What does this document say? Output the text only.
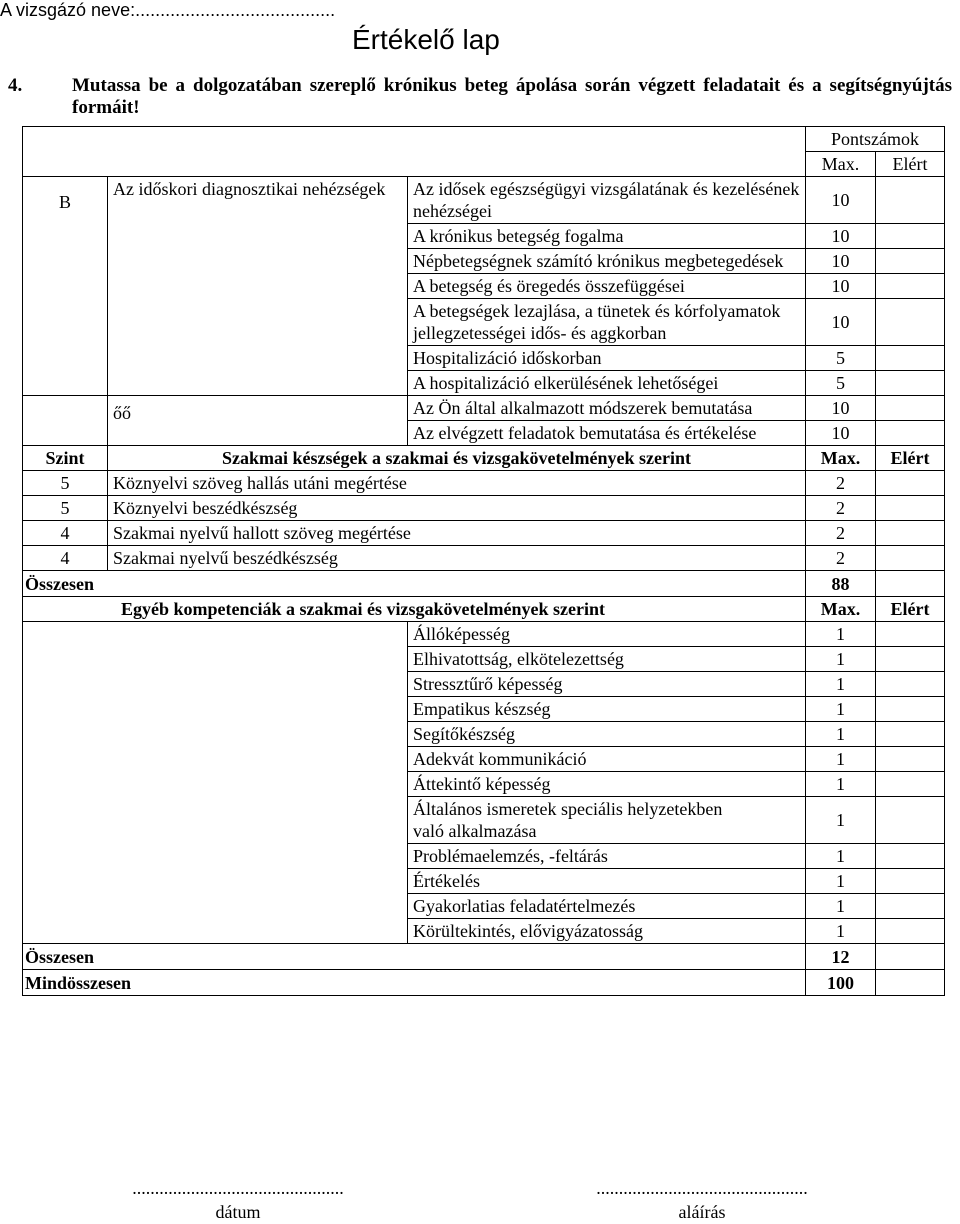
A vizsgázó neve:........................................
Értékelő lap
4.	Mutassa be a dolgozatában szereplő krónikus beteg ápolása során végzett feladatait és a segítségnyújtás formáit!
			Pontszámok	
			Max.	Elért
B	Az időskori diagnosztikai nehézségek	Az idősek egészségügyi vizsgálatának és kezelésének nehézségei	10	
		A krónikus betegség fogalma	10	
		Népbetegségnek számító krónikus megbetegedések	10	
		A betegség és öregedés összefüggései	10	
		A betegségek lezajlása, a tünetek és kórfolyamatok jellegzetességei idős- és aggkorban	10	
		Hospitalizáció időskorban	5	
		A hospitalizáció elkerülésének lehetőségei	5	
	őő	Az Ön által alkalmazott módszerek bemutatása	10	
		Az elvégzett feladatok bemutatása és értékelése	10	
Szint	Szakmai készségek a szakmai és vizsgakövetelmények szerint		Max.	Elért
5	Köznyelvi szöveg hallás utáni megértése		2	
5	Köznyelvi beszédkészség		2	
4	Szakmai nyelvű hallott szöveg megértése		2	
4	Szakmai nyelvű beszédkészség		2	
Összesen			88	
Egyéb kompetenciák a szakmai és vizsgakövetelmények szerint			Max.	Elért
		Állóképesség	1	
		Elhivatottság, elkötelezettség	1	
		Stressztűrő képesség	1	
		Empatikus készség	1	
		Segítőkészség	1	
		Adekvát kommunikáció	1	
		Áttekintő képesség	1	
		Általános ismeretek speciális helyzetekben való alkalmazása	1	
		Problémaelemzés, -feltárás	1	
		Értékelés	1	
		Gyakorlatias feladatértelmezés	1	
		Körültekintés, elővigyázatosság	1	
Összesen			12	
Mindösszesen			100	
...............................................
dátum
...............................................
aláírás
